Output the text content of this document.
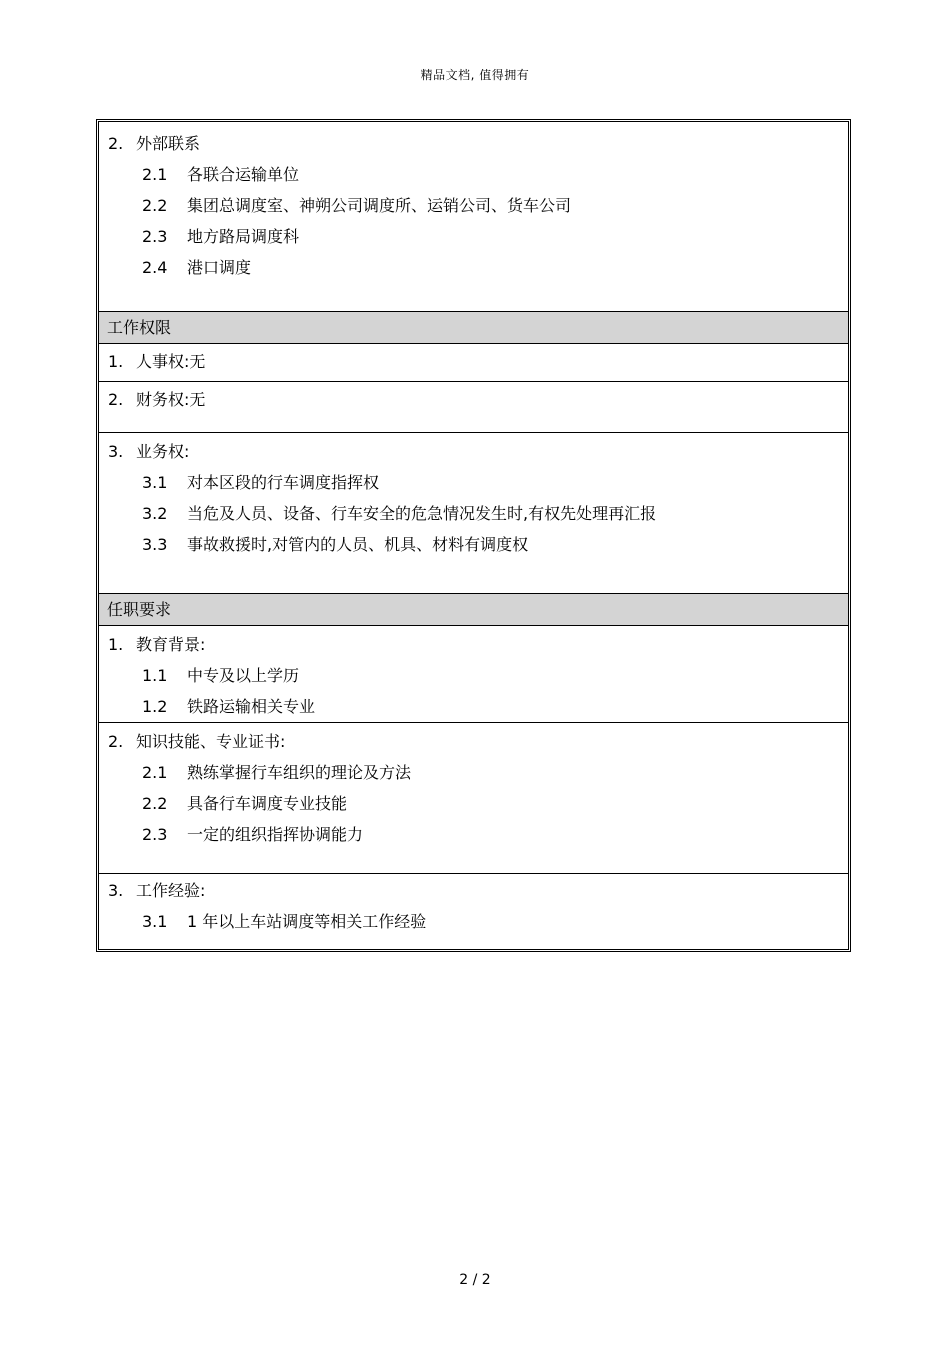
精品文档, 值得拥有
2. 外部联系
2.1 各联合运输单位
2.2 集团总调度室、神朔公司调度所、运销公司、货车公司
2.3 地方路局调度科
2.4 港口调度
工作权限
1. 人事权:无
2. 财务权:无
3. 业务权:
3.1 对本区段的行车调度指挥权
3.2 当危及人员、设备、行车安全的危急情况发生时,有权先处理再汇报
3.3 事故救援时,对管内的人员、机具、材料有调度权
任职要求
1. 教育背景:
1.1 中专及以上学历
1.2 铁路运输相关专业
2. 知识技能、专业证书:
2.1 熟练掌握行车组织的理论及方法
2.2 具备行车调度专业技能
2.3 一定的组织指挥协调能力
3. 工作经验:
3.1 1 年以上车站调度等相关工作经验
2 / 2
